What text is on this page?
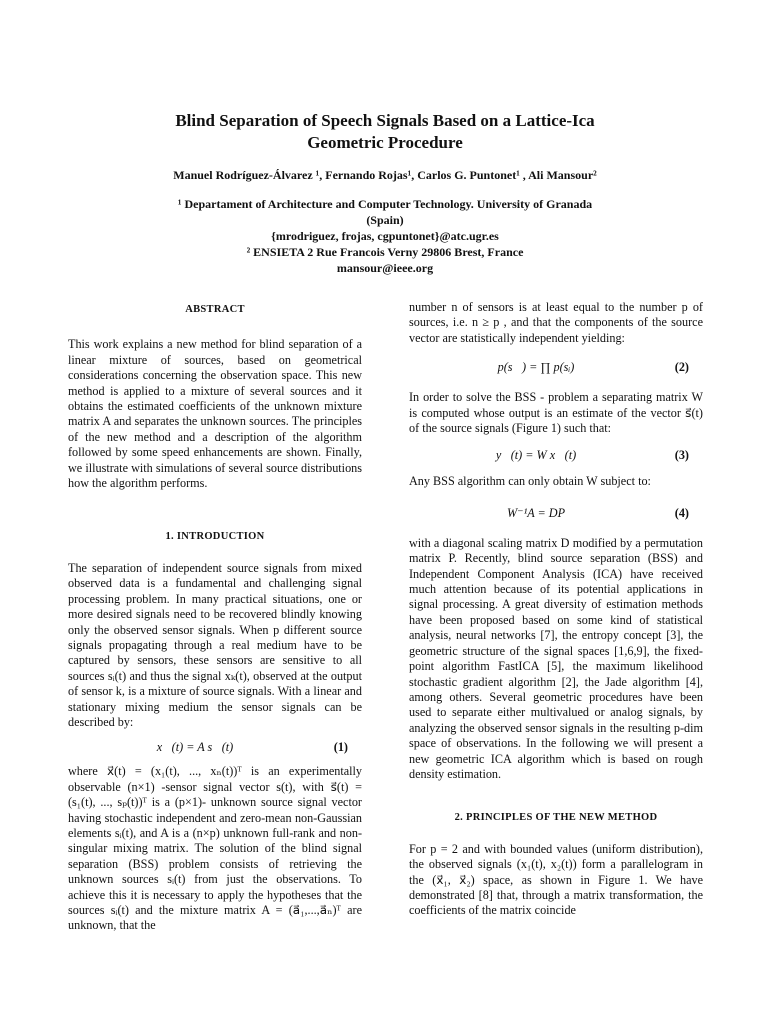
Blind Separation of Speech Signals Based on a Lattice-Ica
Geometric Procedure
Manuel Rodríguez-Álvarez ¹, Fernando Rojas¹, Carlos G. Puntonet¹ , Ali Mansour²
¹ Departament of Architecture and Computer Technology. University of Granada
(Spain)
{mrodriguez, frojas, cgpuntonet}@atc.ugr.es
² ENSIETA 2 Rue Francois Verny 29806 Brest, France
mansour@ieee.org
ABSTRACT

This work explains a new method for blind separation of a linear mixture of sources, based on geometrical considerations concerning the observation space. This new method is applied to a mixture of several sources and it obtains the estimated coefficients of the unknown mixture matrix A and separates the unknown sources. The principles of the new method and a description of the algorithm followed by some speed enhancements are shown. Finally, we illustrate with simulations of several source distributions how the algorithm performs.

1. INTRODUCTION

The separation of independent source signals from mixed observed data is a fundamental and challenging signal processing problem. In many practical situations, one or more desired signals need to be recovered blindly knowing only the observed sensor signals. When p different source signals propagating through a real medium have to be captured by sensors, these sensors are sensitive to all sources sᵢ(t) and thus the signal xₖ(t), observed at the output of sensor k, is a mixture of source signals. With a linear and stationary mixing medium the sensor signals can be described by:

x⃗(t) = A s⃗(t)	(1)

where x⃗(t) = (x₁(t), ..., xₙ(t))ᵀ is an experimentally observable (n×1) -sensor signal vector s(t), with s⃗(t) = (s₁(t), ..., sₚ(t))ᵀ is a (p×1)- unknown source signal vector having stochastic independent and zero-mean non-Gaussian elements sᵢ(t), and A is a (n×p) unknown full-rank and non-singular mixing matrix. The solution of the blind signal separation (BSS) problem consists of retrieving the unknown sources sᵢ(t) from just the observations. To achieve this it is necessary to apply the hypotheses that the sources sᵢ(t) and the mixture matrix A = (a⃗₁,...,a⃗ₙ)ᵀ are unknown, that the

number n of sensors is at least equal to the number p of sources, i.e. n ≥ p , and that the components of the source vector are statistically independent yielding:

p(s⃗) = ∏ p(sᵢ)	(2)

In order to solve the BSS - problem a separating matrix W is computed whose output is an estimate of the vector s⃗(t) of the source signals (Figure 1) such that:

y⃗(t) = W x⃗(t)	(3)

Any BSS algorithm can only obtain W subject to:

W⁻¹A = DP	(4)

with a diagonal scaling matrix D modified by a permutation matrix P. Recently, blind source separation (BSS) and Independent Component Analysis (ICA) have received much attention because of its potential applications in signal processing. A great diversity of estimation methods have been proposed based on some kind of statistical analysis, neural networks [7], the entropy concept [3], the geometric structure of the signal spaces [1,6,9], the fixed-point algorithm FastICA [5], the maximum likelihood stochastic gradient algorithm [2], the Jade algorithm [4], among others. Several geometric procedures have been used to separate either multivalued or analog signals, by analyzing the observed sensor signals in the resulting p-dim space of observations. In the following we will present a new geometric ICA algorithm which is based on rough density estimation.

2. PRINCIPLES OF THE NEW METHOD

For p = 2 and with bounded values (uniform distribution), the observed signals (x₁(t), x₂(t)) form a parallelogram in the (x⃗₁, x⃗₂) space, as shown in Figure 1. We have demonstrated [8] that, through a matrix transformation, the coefficients of the matrix coincide
